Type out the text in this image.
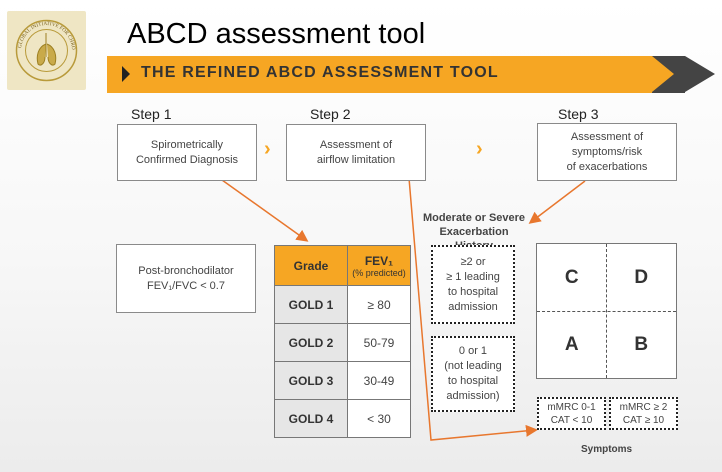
GLOBAL INITIATIVE FOR CHRO ABCD assessment tool
THE REFINED ABCD ASSESSMENT TOOL
Step 1	Step 2	Step 3
Spirometrically
Confirmed Diagnosis ›	Assessment of
airflow limitation	›
Assessment of
symptoms/risk
of exacerbations
Post-bronchodilator
FEV₁/FVC < 0.7
Grade	FEV₁
(% predicted)

GOLD 1	≥ 80
GOLD 2	50-79
GOLD 3	30-49
GOLD 4	< 30
Moderate or Severe
Exacerbation
≥2 or
≥ 1 leading
to hospital
admission
0 or 1
(not leading
to hospital
admission)
C	D
A	B
mMRC 0-1
CAT < 10
mMRC ≥ 2
CAT ≥ 10
Symptoms
